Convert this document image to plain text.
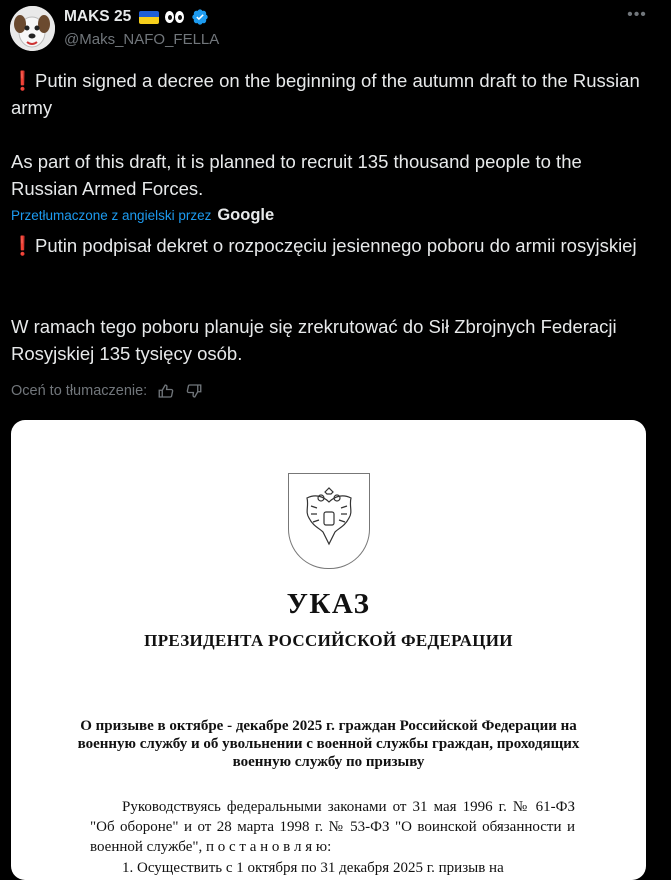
MAKS 25
@Maks_NAFO_FELLA
•••
❗Putin signed a decree on the beginning of the autumn draft to the Russian army
As part of this draft, it is planned to recruit 135 thousand people to the Russian Armed Forces.
Przetłumaczone z angielski przez Google
❗Putin podpisał dekret o rozpoczęciu jesiennego poboru do armii rosyjskiej
W ramach tego poboru planuje się zrekrutować do Sił Zbrojnych Federacji Rosyjskiej 135 tysięcy osób.
Oceń to tłumaczenie:
УКАЗ
ПРЕЗИДЕНТА РОССИЙСКОЙ ФЕДЕРАЦИИ
О призыве в октябре - декабре 2025 г. граждан Российской Федерации на военную службу и об увольнении с военной службы граждан, проходящих военную службу по призыву

Руководствуясь федеральными законами от 31 мая 1996 г. № 61-ФЗ "Об обороне" и от 28 марта 1998 г. № 53-ФЗ "О воинской обязанности и военной службе", п о с т а н о в л я ю:

1. Осуществить с 1 октября по 31 декабря 2025 г. призыв на
